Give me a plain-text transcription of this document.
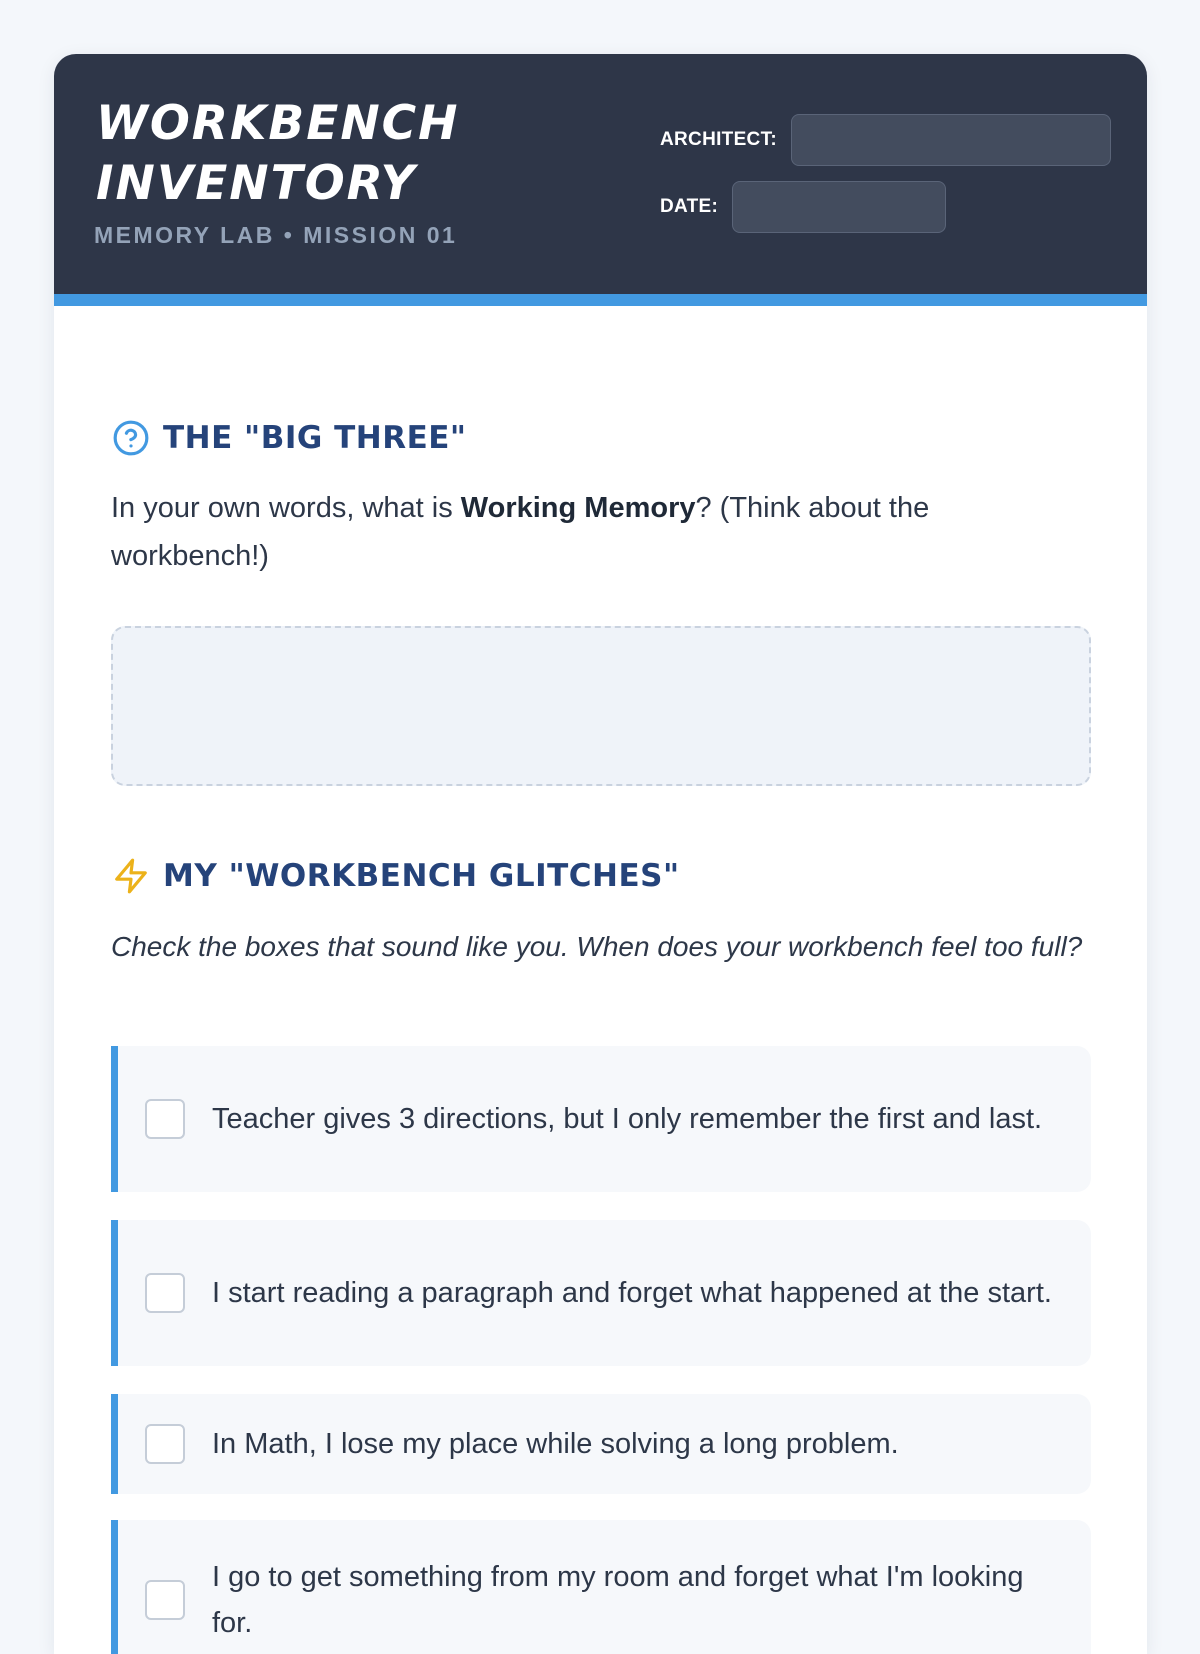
WORKBENCH
INVENTORY
MEMORY LAB • MISSION 01
ARCHITECT:
DATE:
THE "BIG THREE"

In your own words, what is Working Memory? (Think about the workbench!)

MY "WORKBENCH GLITCHES"

Check the boxes that sound like you. When does your workbench feel too full?

Teacher gives 3 directions, but I only remember the first and last.
I start reading a paragraph and forget what happened at the start.
In Math, I lose my place while solving a long problem.
I go to get something from my room and forget what I'm looking for.
